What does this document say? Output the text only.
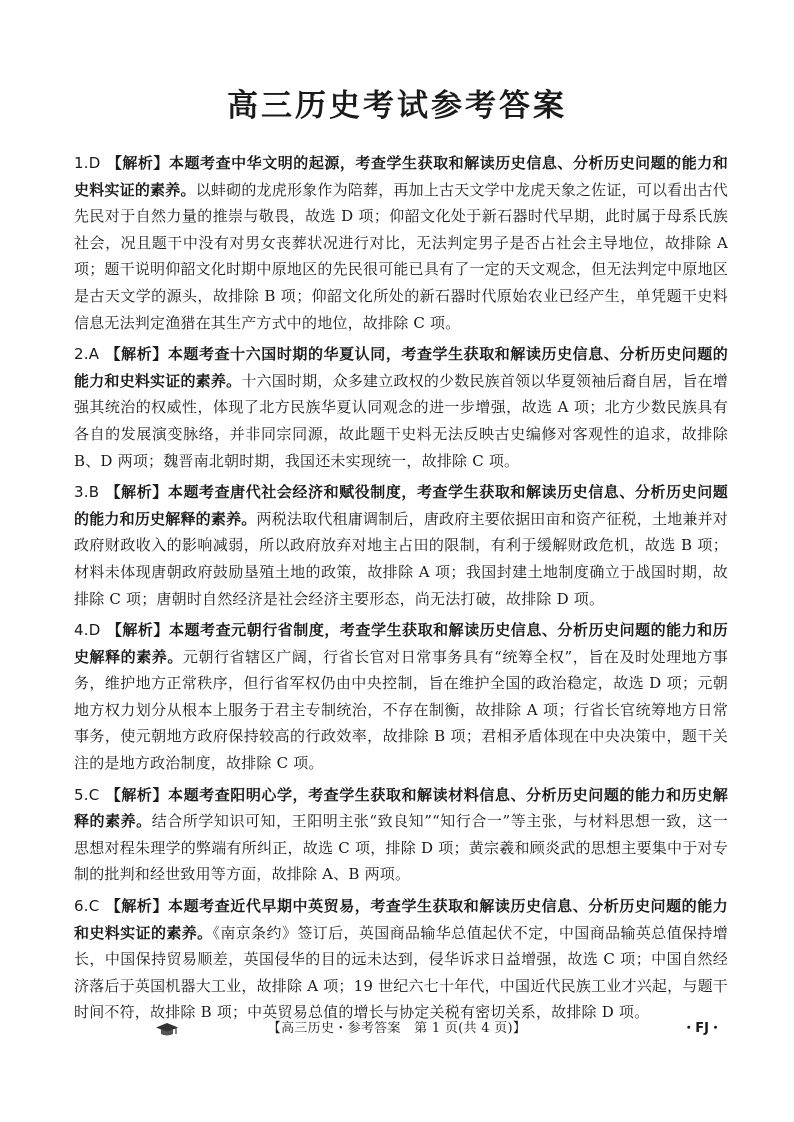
高三历史考试参考答案

1.D 【解析】本题考查中华文明的起源，考查学生获取和解读历史信息、分析历史问题的能力和史料实证的素养。以蚌砌的龙虎形象作为陪葬，再加上古天文学中龙虎天象之佐证，可以看出古代先民对于自然力量的推崇与敬畏，故选 D 项；仰韶文化处于新石器时代早期，此时属于母系氏族社会，况且题干中没有对男女丧葬状况进行对比，无法判定男子是否占社会主导地位，故排除 A 项；题干说明仰韶文化时期中原地区的先民很可能已具有了一定的天文观念，但无法判定中原地区是古天文学的源头，故排除 B 项；仰韶文化所处的新石器时代原始农业已经产生，单凭题干史料信息无法判定渔猎在其生产方式中的地位，故排除 C 项。

2.A 【解析】本题考查十六国时期的华夏认同，考查学生获取和解读历史信息、分析历史问题的能力和史料实证的素养。十六国时期，众多建立政权的少数民族首领以华夏领袖后裔自居，旨在增强其统治的权威性，体现了北方民族华夏认同观念的进一步增强，故选 A 项；北方少数民族具有各自的发展演变脉络，并非同宗同源，故此题干史料无法反映古史编修对客观性的追求，故排除 B、D 两项；魏晋南北朝时期，我国还未实现统一，故排除 C 项。

3.B 【解析】本题考查唐代社会经济和赋役制度，考查学生获取和解读历史信息、分析历史问题的能力和历史解释的素养。两税法取代租庸调制后，唐政府主要依据田亩和资产征税，土地兼并对政府财政收入的影响减弱，所以政府放弃对地主占田的限制，有利于缓解财政危机，故选 B 项；材料未体现唐朝政府鼓励垦殖土地的政策，故排除 A 项；我国封建土地制度确立于战国时期，故排除 C 项；唐朝时自然经济是社会经济主要形态，尚无法打破，故排除 D 项。

4.D 【解析】本题考查元朝行省制度，考查学生获取和解读历史信息、分析历史问题的能力和历史解释的素养。元朝行省辖区广阔，行省长官对日常事务具有“统筹全权”，旨在及时处理地方事务，维护地方正常秩序，但行省军权仍由中央控制，旨在维护全国的政治稳定，故选 D 项；元朝地方权力划分从根本上服务于君主专制统治，不存在制衡，故排除 A 项；行省长官统筹地方日常事务，使元朝地方政府保持较高的行政效率，故排除 B 项；君相矛盾体现在中央决策中，题干关注的是地方政治制度，故排除 C 项。

5.C 【解析】本题考查阳明心学，考查学生获取和解读材料信息、分析历史问题的能力和历史解释的素养。结合所学知识可知，王阳明主张“致良知”“知行合一”等主张，与材料思想一致，这一思想对程朱理学的弊端有所纠正，故选 C 项，排除 D 项；黄宗羲和顾炎武的思想主要集中于对专制的批判和经世致用等方面，故排除 A、B 两项。

6.C 【解析】本题考查近代早期中英贸易，考查学生获取和解读历史信息、分析历史问题的能力和史料实证的素养。《南京条约》签订后，英国商品输华总值起伏不定，中国商品输英总值保持增长，中国保持贸易顺差，英国侵华的目的远未达到，侵华诉求日益增强，故选 C 项；中国自然经济落后于英国机器大工业，故排除 A 项；19 世纪六七十年代，中国近代民族工业才兴起，与题干时间不符，故排除 B 项；中英贸易总值的增长与协定关税有密切关系，故排除 D 项。

【高三历史・参考答案　第 1 页(共 4 页)】	・FJ・
